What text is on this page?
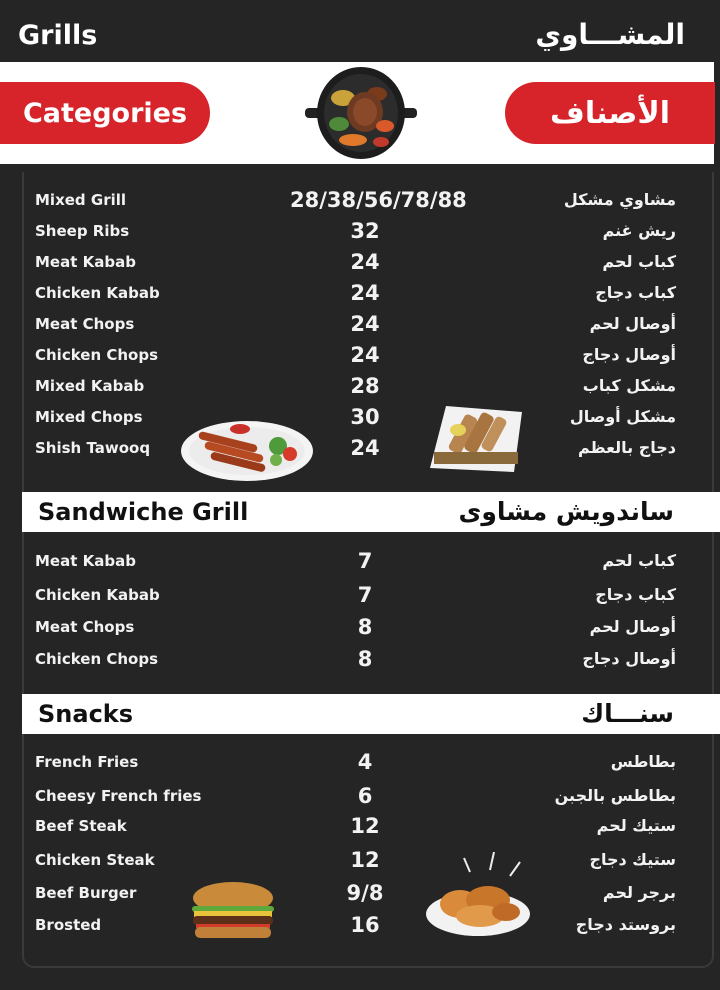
Grills	المشـــاوي
Categories	الأصناف
Mixed Grill	28/38/56/78/88	مشاوي مشكل
Sheep Ribs	32	ريش غنم
Meat Kabab	24	كباب لحم
Chicken Kabab	24	كباب دجاج
Meat Chops	24	أوصال لحم
Chicken Chops	24	أوصال دجاج
Mixed Kabab	28	مشكل كباب
Mixed Chops	30	مشكل أوصال
Shish Tawooq	24	دجاج بالعظم
Sandwiche Grill	ساندويش مشاوى
Meat Kabab	7	كباب لحم
Chicken Kabab	7	كباب دجاج
Meat Chops	8	أوصال لحم
Chicken Chops	8	أوصال دجاج
Snacks	سنـــاك
French Fries	4	بطاطس
Cheesy French fries	6	بطاطس بالجبن
Beef Steak	12	ستيك لحم
Chicken Steak	12	ستيك دجاج
Beef Burger	9/8	برجر لحم
Brosted	16	بروستد دجاج
